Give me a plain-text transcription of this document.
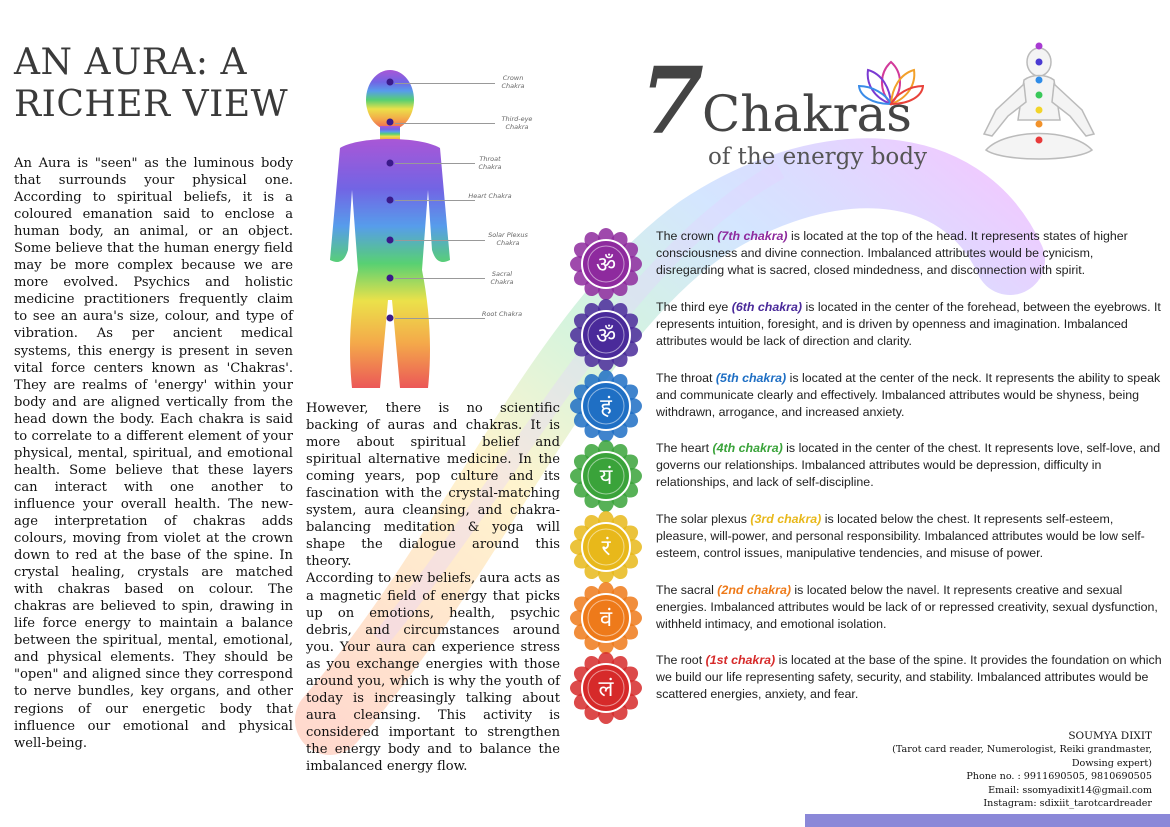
AN AURA: A RICHER VIEW
An Aura is "seen" as the luminous body that surrounds your physical one. According to spiritual beliefs, it is a coloured emanation said to enclose a human body, an animal, or an object. Some believe that the human energy field may be more complex because we are more evolved. Psychics and holistic medicine practitioners frequently claim to see an aura's size, colour, and type of vibration. As per ancient medical systems, this energy is present in seven vital force centers known as 'Chakras'. They are realms of 'energy' within your body and are aligned vertically from the head down the body. Each chakra is said to correlate to a different element of your physical, mental, spiritual, and emotional health. Some believe that these layers can interact with one another to influence your overall health. The new-age interpretation of chakras adds colours, moving from violet at the crown down to red at the base of the spine. In crystal healing, crystals are matched with chakras based on colour. The chakras are believed to spin, drawing in life force energy to maintain a balance between the spiritual, mental, emotional, and physical elements. They should be "open" and aligned since they correspond to nerve bundles, key organs, and other regions of our energetic body that influence our emotional and physical well-being.

However, there is no scientific backing of auras and chakras. It is more about spiritual belief and spiritual alternative medicine. In the coming years, pop culture and its fascination with the crystal-matching system, aura cleansing, and chakra-balancing meditation & yoga will shape the dialogue around this theory.

According to new beliefs, aura acts as a magnetic field of energy that picks up on emotions, health, psychic debris, and circumstances around you. Your aura can experience stress as you exchange energies with those around you, which is why the youth of today is increasingly talking about aura cleansing. This activity is considered important to strengthen the energy body and to balance the imbalanced energy flow.

Crown Chakra
Third-eye Chakra
Throat Chakra
Heart Chakra
Solar Plexus Chakra
Sacral Chakra
Root Chakra
7
Chakras
of the energy body
ॐ
The crown (7th chakra) is located at the top of the head. It represents states of higher consciousness and divine connection. Imbalanced attributes would be cynicism, disregarding what is sacred, closed mindedness, and disconnection with spirit.
ॐ
The third eye (6th chakra) is located in the center of the forehead, between the eyebrows. It represents intuition, foresight, and is driven by openness and imagination. Imbalanced attributes would be lack of direction and clarity.
हं
The throat (5th chakra) is located at the center of the neck. It represents the ability to speak and communicate clearly and effectively. Imbalanced attributes would be shyness, being withdrawn, arrogance, and increased anxiety.
यं
The heart (4th chakra) is located in the center of the chest. It represents love, self-love, and governs our relationships. Imbalanced attributes would be depression, difficulty in relationships, and lack of self-discipline.
रं
The solar plexus (3rd chakra) is located below the chest. It represents self-esteem, pleasure, will-power, and personal responsibility. Imbalanced attributes would be low self-esteem, control issues, manipulative tendencies, and misuse of power.
वं
The sacral (2nd chakra) is located below the navel. It represents creative and sexual energies. Imbalanced attributes would be lack of or repressed creativity, sexual dysfunction, withheld intimacy, and emotional isolation.
लं
The root (1st chakra) is located at the base of the spine. It provides the foundation on which we build our life representing safety, security, and stability. Imbalanced attributes would be scattered energies, anxiety, and fear.
SOUMYA DIXIT
(Tarot card reader, Numerologist, Reiki grandmaster, Dowsing expert)
Phone no. : 9911690505, 9810690505
Email: ssomyadixit14@gmail.com
Instagram: sdixiit_tarotcardreader
